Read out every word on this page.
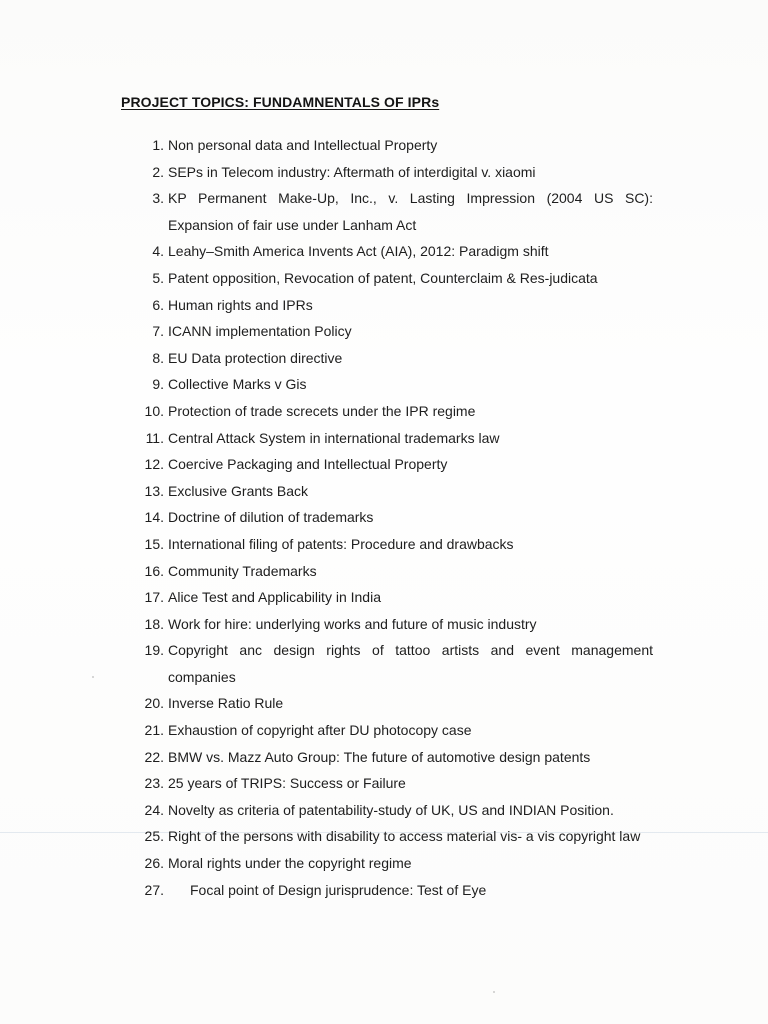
PROJECT TOPICS: FUNDAMNENTALS OF IPRs
1. Non personal data and Intellectual Property
2. SEPs in Telecom industry: Aftermath of interdigital v. xiaomi
3. KP Permanent Make-Up, Inc., v. Lasting Impression (2004 US SC): Expansion of fair use under Lanham Act
4. Leahy–Smith America Invents Act (AIA), 2012: Paradigm shift
5. Patent opposition, Revocation of patent, Counterclaim & Res-judicata
6. Human rights and IPRs
7. ICANN implementation Policy
8. EU Data protection directive
9. Collective Marks v Gis
10. Protection of trade screcets under the IPR regime
11. Central Attack System in international trademarks law
12. Coercive Packaging and Intellectual Property
13. Exclusive Grants Back
14. Doctrine of dilution of trademarks
15. International filing of patents: Procedure and drawbacks
16. Community Trademarks
17. Alice Test and Applicability in India
18. Work for hire: underlying works and future of music industry
19. Copyright anc design rights of tattoo artists and event management companies
20. Inverse Ratio Rule
21. Exhaustion of copyright after DU photocopy case
22. BMW vs. Mazz Auto Group: The future of automotive design patents
23. 25 years of TRIPS: Success or Failure
24. Novelty as criteria of patentability-study of UK, US and INDIAN Position.
25. Right of the persons with disability to access material vis- a vis copyright law
26. Moral rights under the copyright regime
27. Focal point of Design jurisprudence: Test of Eye
